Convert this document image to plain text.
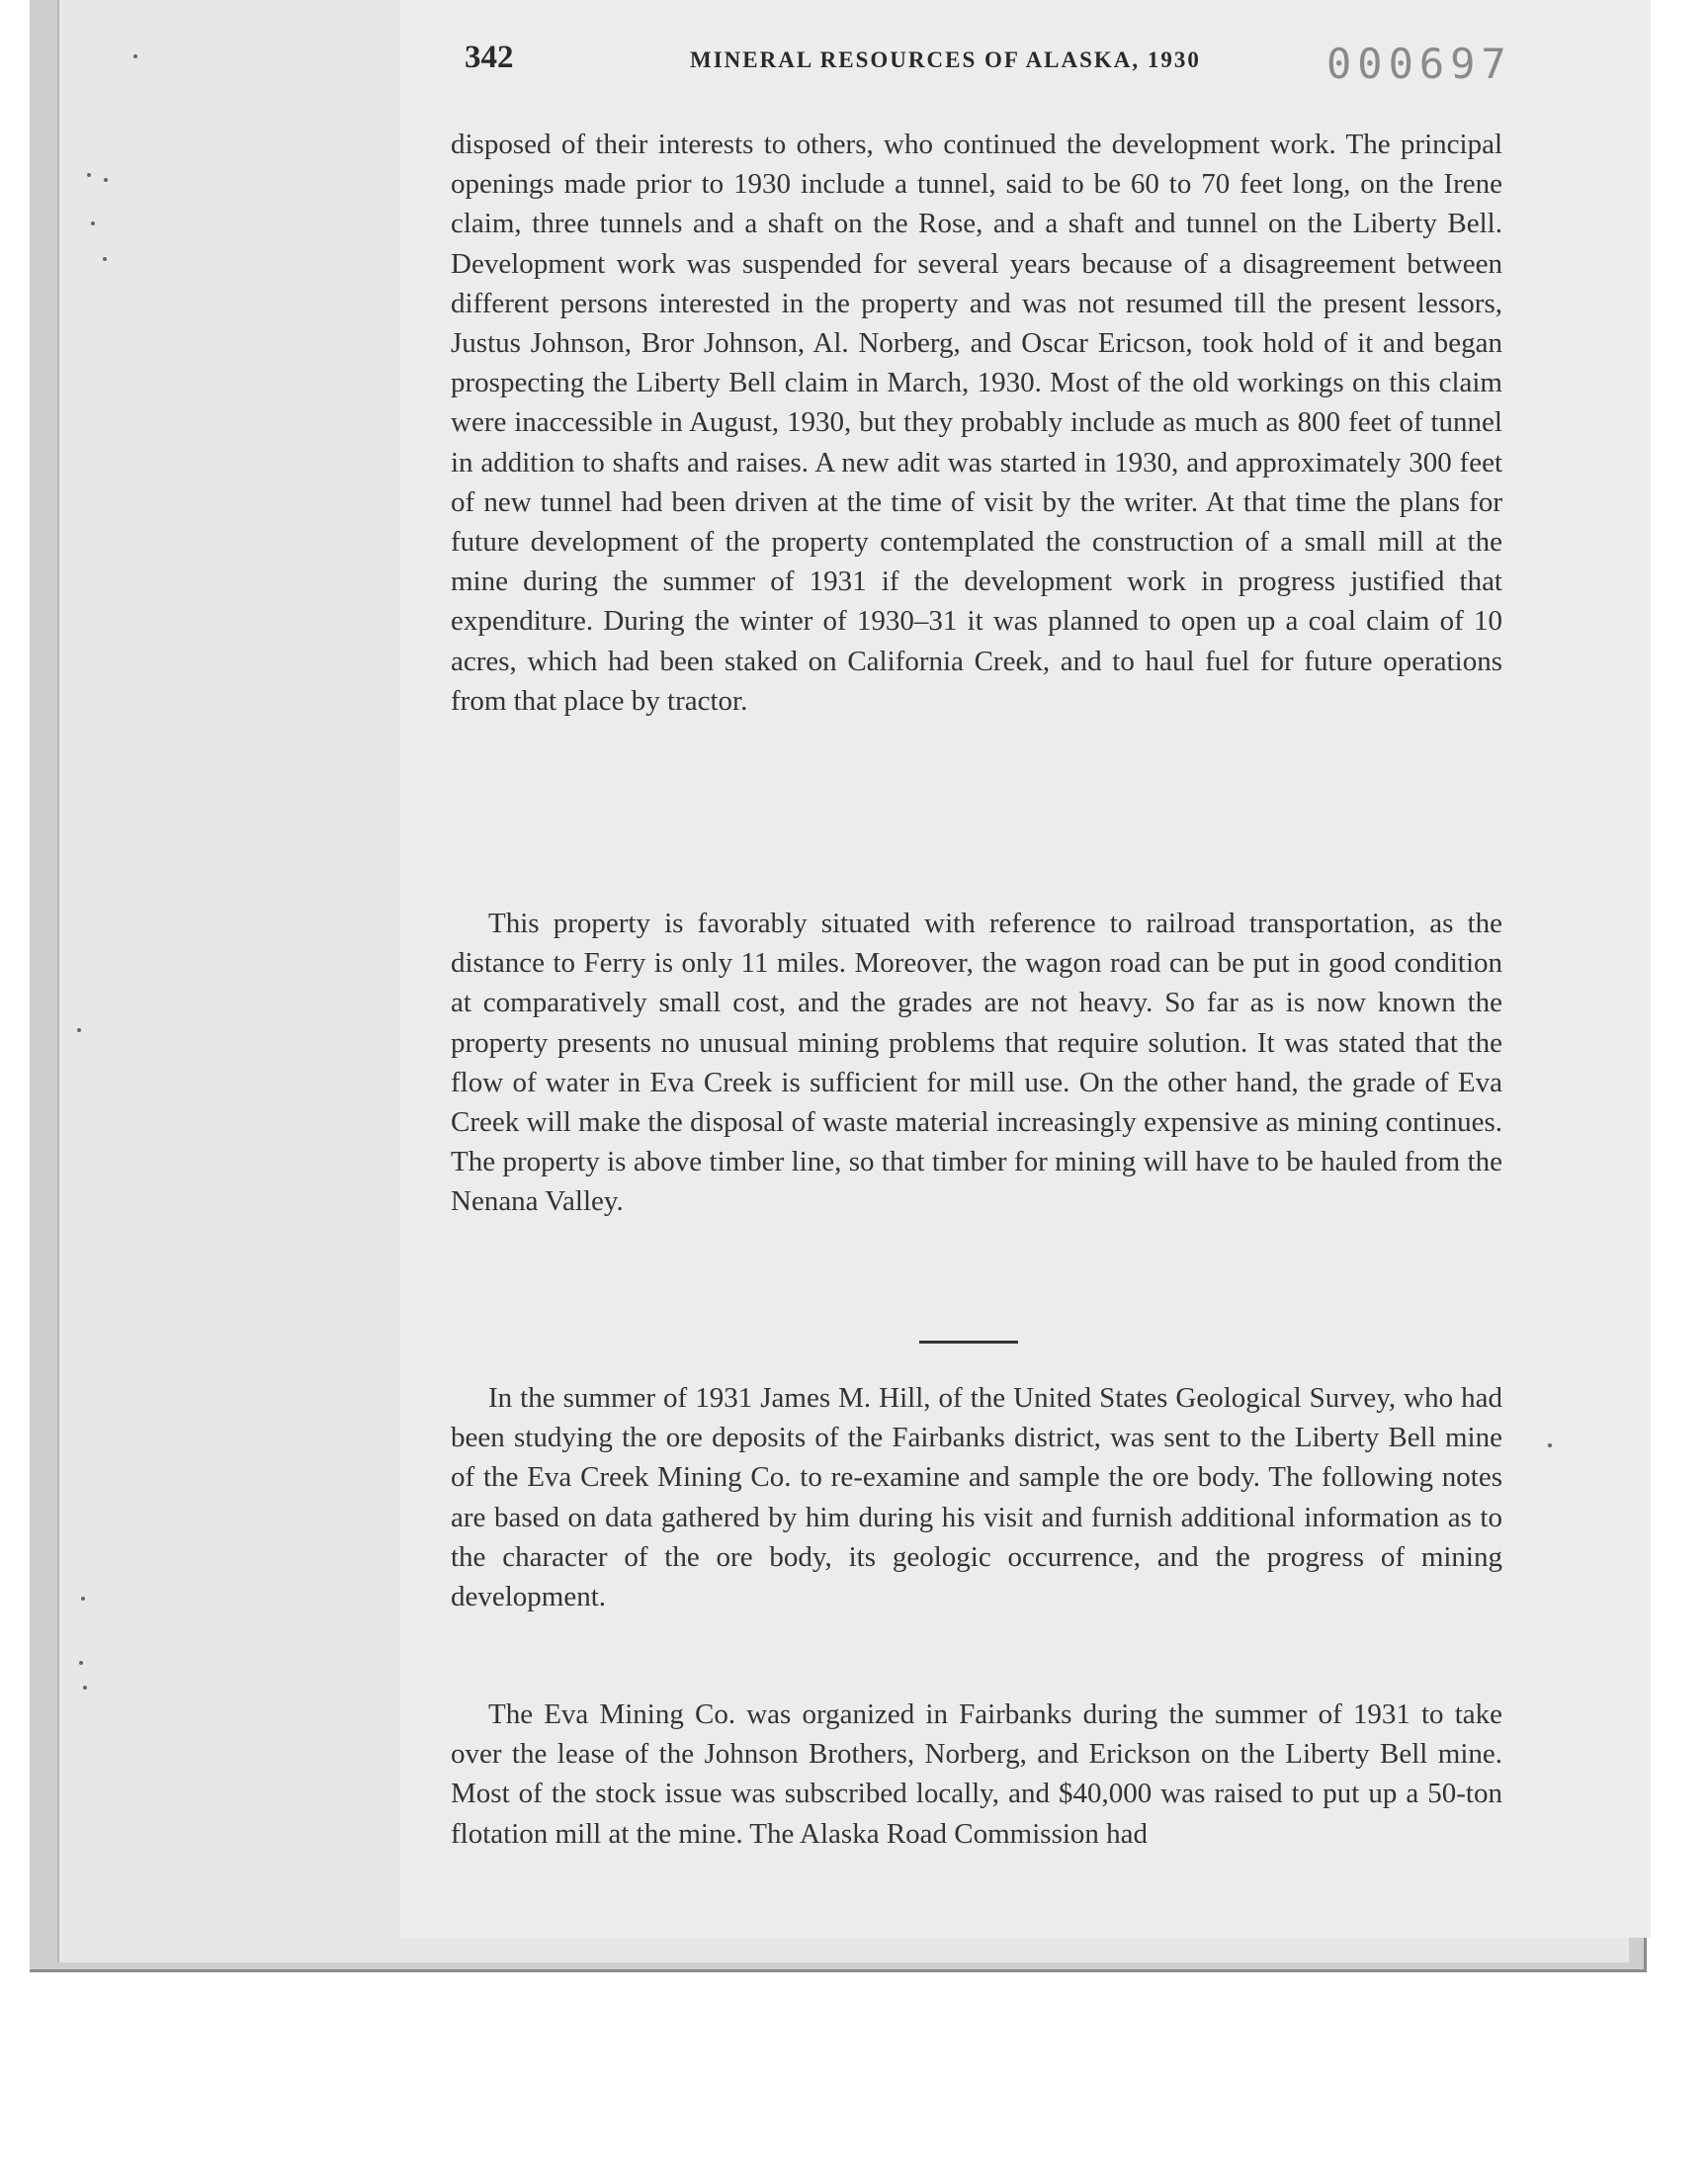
342	MINERAL RESOURCES OF ALASKA, 1930	000697

disposed of their interests to others, who continued the development work. The principal openings made prior to 1930 include a tunnel, said to be 60 to 70 feet long, on the Irene claim, three tunnels and a shaft on the Rose, and a shaft and tunnel on the Liberty Bell. Development work was suspended for several years because of a disagreement between different persons interested in the property and was not resumed till the present lessors, Justus Johnson, Bror Johnson, Al. Norberg, and Oscar Ericson, took hold of it and began prospecting the Liberty Bell claim in March, 1930. Most of the old workings on this claim were inaccessible in August, 1930, but they probably include as much as 800 feet of tunnel in addition to shafts and raises. A new adit was started in 1930, and approximately 300 feet of new tunnel had been driven at the time of visit by the writer. At that time the plans for future development of the property contemplated the construction of a small mill at the mine during the summer of 1931 if the development work in progress justified that expenditure. During the winter of 1930–31 it was planned to open up a coal claim of 10 acres, which had been staked on California Creek, and to haul fuel for future operations from that place by tractor.

This property is favorably situated with reference to railroad transportation, as the distance to Ferry is only 11 miles. Moreover, the wagon road can be put in good condition at comparatively small cost, and the grades are not heavy. So far as is now known the property presents no unusual mining problems that require solution. It was stated that the flow of water in Eva Creek is sufficient for mill use. On the other hand, the grade of Eva Creek will make the disposal of waste material increasingly expensive as mining continues. The property is above timber line, so that timber for mining will have to be hauled from the Nenana Valley.

In the summer of 1931 James M. Hill, of the United States Geological Survey, who had been studying the ore deposits of the Fairbanks district, was sent to the Liberty Bell mine of the Eva Creek Mining Co. to re-examine and sample the ore body. The following notes are based on data gathered by him during his visit and furnish additional information as to the character of the ore body, its geologic occurrence, and the progress of mining development.

The Eva Mining Co. was organized in Fairbanks during the summer of 1931 to take over the lease of the Johnson Brothers, Norberg, and Erickson on the Liberty Bell mine. Most of the stock issue was subscribed locally, and $40,000 was raised to put up a 50-ton flotation mill at the mine. The Alaska Road Commission had
